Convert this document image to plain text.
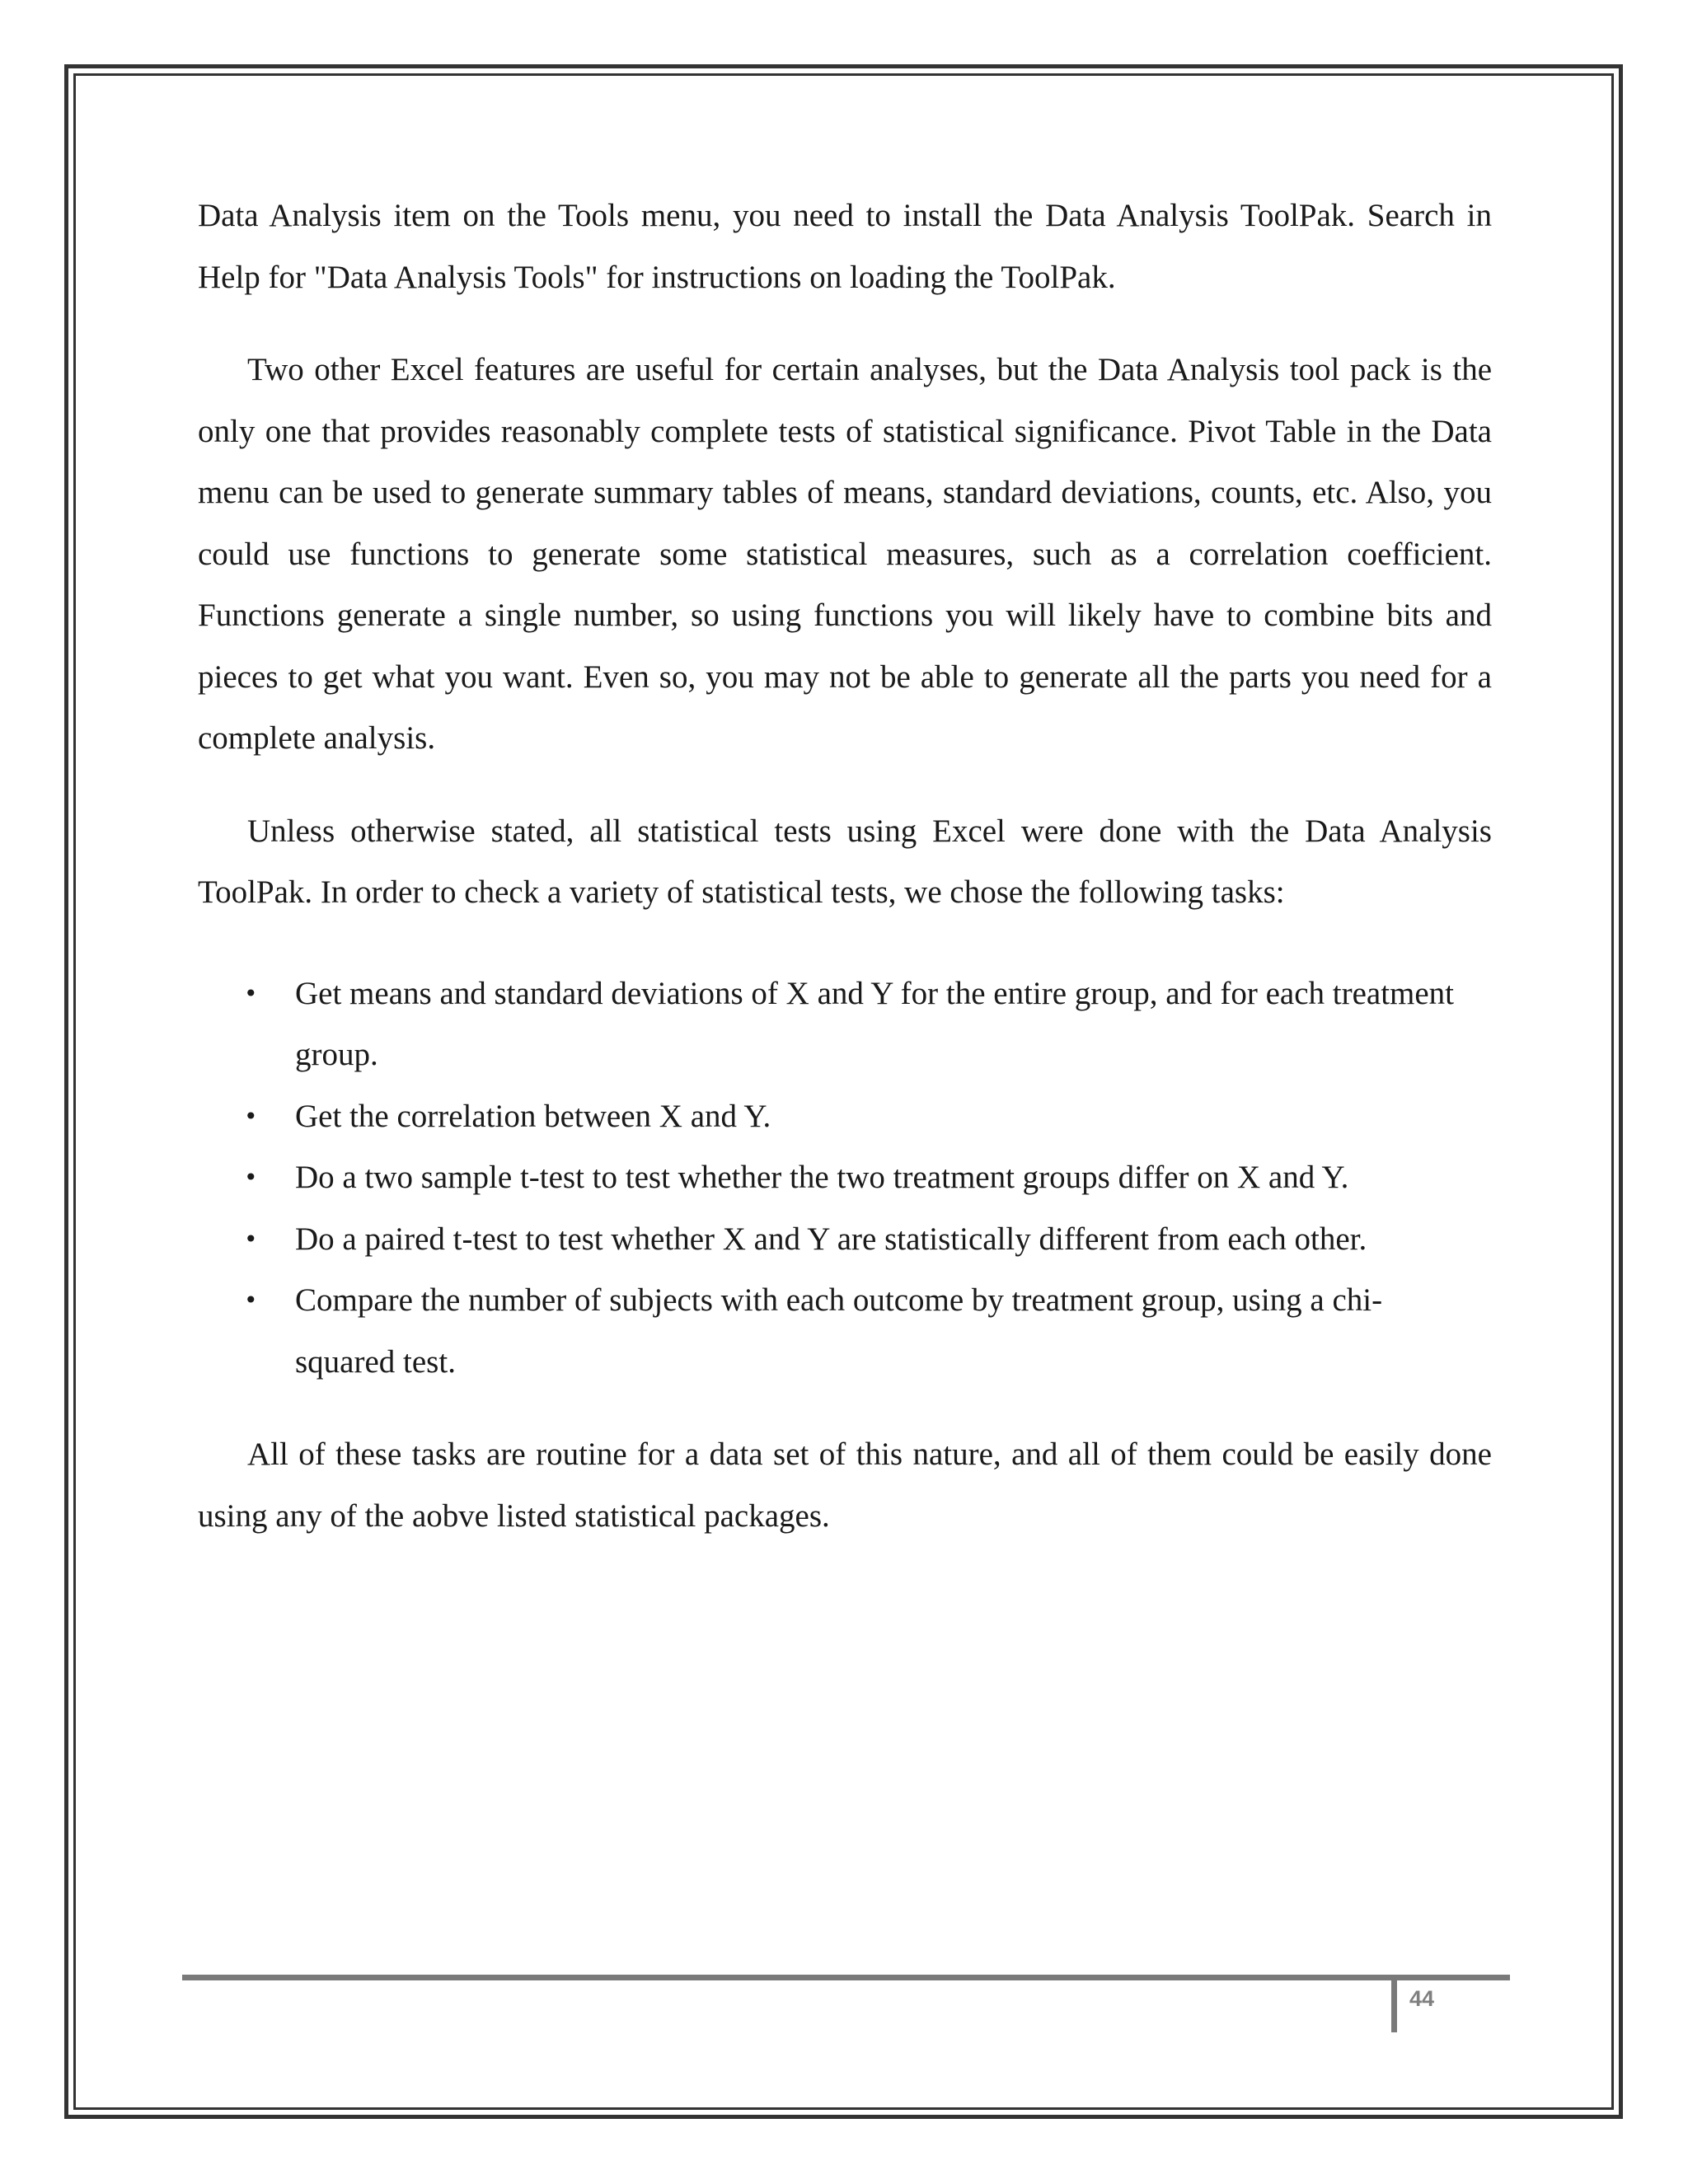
Data Analysis item on the Tools menu, you need to install the Data Analysis ToolPak. Search in Help for "Data Analysis Tools" for instructions on loading the ToolPak.

Two other Excel features are useful for certain analyses, but the Data Analysis tool pack is the only one that provides reasonably complete tests of statistical significance. Pivot Table in the Data menu can be used to generate summary tables of means, standard deviations, counts, etc. Also, you could use functions to generate some statistical measures, such as a correlation coefficient. Functions generate a single number, so using functions you will likely have to combine bits and pieces to get what you want. Even so, you may not be able to generate all the parts you need for a complete analysis.

Unless otherwise stated, all statistical tests using Excel were done with the Data Analysis ToolPak. In order to check a variety of statistical tests, we chose the following tasks:

• Get means and standard deviations of X and Y for the entire group, and for each treatment group.
• Get the correlation between X and Y.
• Do a two sample t-test to test whether the two treatment groups differ on X and Y.
• Do a paired t-test to test whether X and Y are statistically different from each other.
• Compare the number of subjects with each outcome by treatment group, using a chi-squared test.

All of these tasks are routine for a data set of this nature, and all of them could be easily done using any of the aobve listed statistical packages.

44
